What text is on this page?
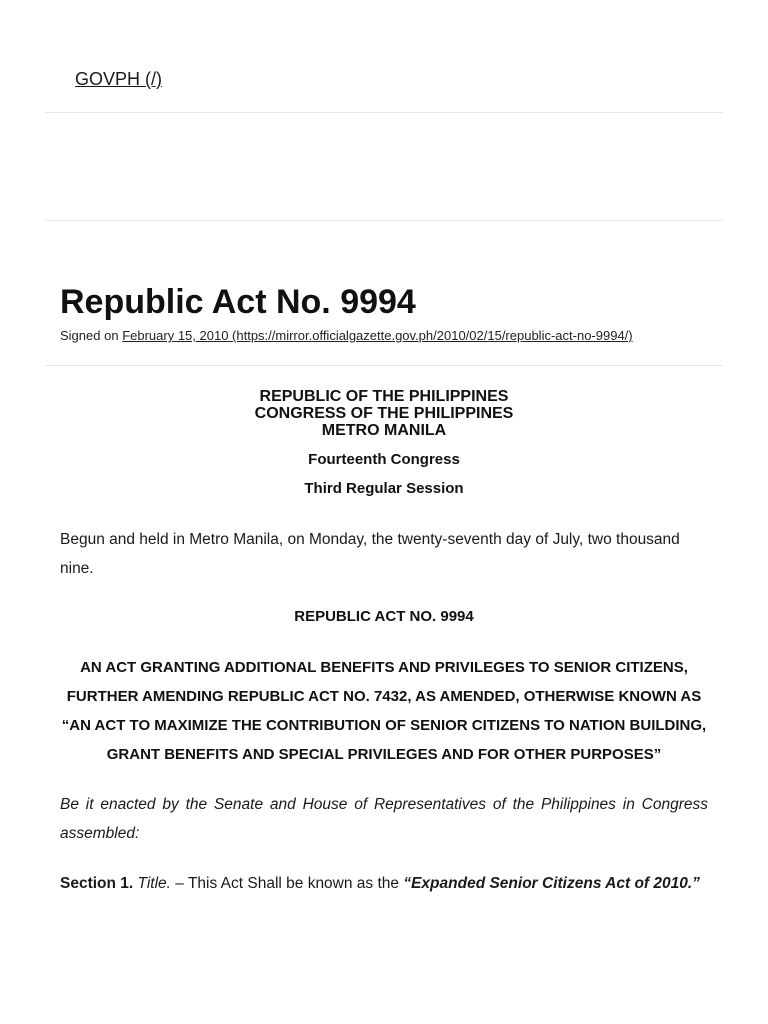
GOVPH (/)
Republic Act No. 9994
Signed on February 15, 2010 (https://mirror.officialgazette.gov.ph/2010/02/15/republic-act-no-9994/)
REPUBLIC OF THE PHILIPPINES
CONGRESS OF THE PHILIPPINES
METRO MANILA
Fourteenth Congress
Third Regular Session

Begun and held in Metro Manila, on Monday, the twenty-seventh day of July, two thousand nine.

REPUBLIC ACT NO. 9994
AN ACT GRANTING ADDITIONAL BENEFITS AND PRIVILEGES TO SENIOR CITIZENS, FURTHER AMENDING REPUBLIC ACT NO. 7432, AS AMENDED, OTHERWISE KNOWN AS “AN ACT TO MAXIMIZE THE CONTRIBUTION OF SENIOR CITIZENS TO NATION BUILDING, GRANT BENEFITS AND SPECIAL PRIVILEGES AND FOR OTHER PURPOSES”

Be it enacted by the Senate and House of Representatives of the Philippines in Congress assembled:

Section 1. Title. – This Act Shall be known as the “Expanded Senior Citizens Act of 2010.”
